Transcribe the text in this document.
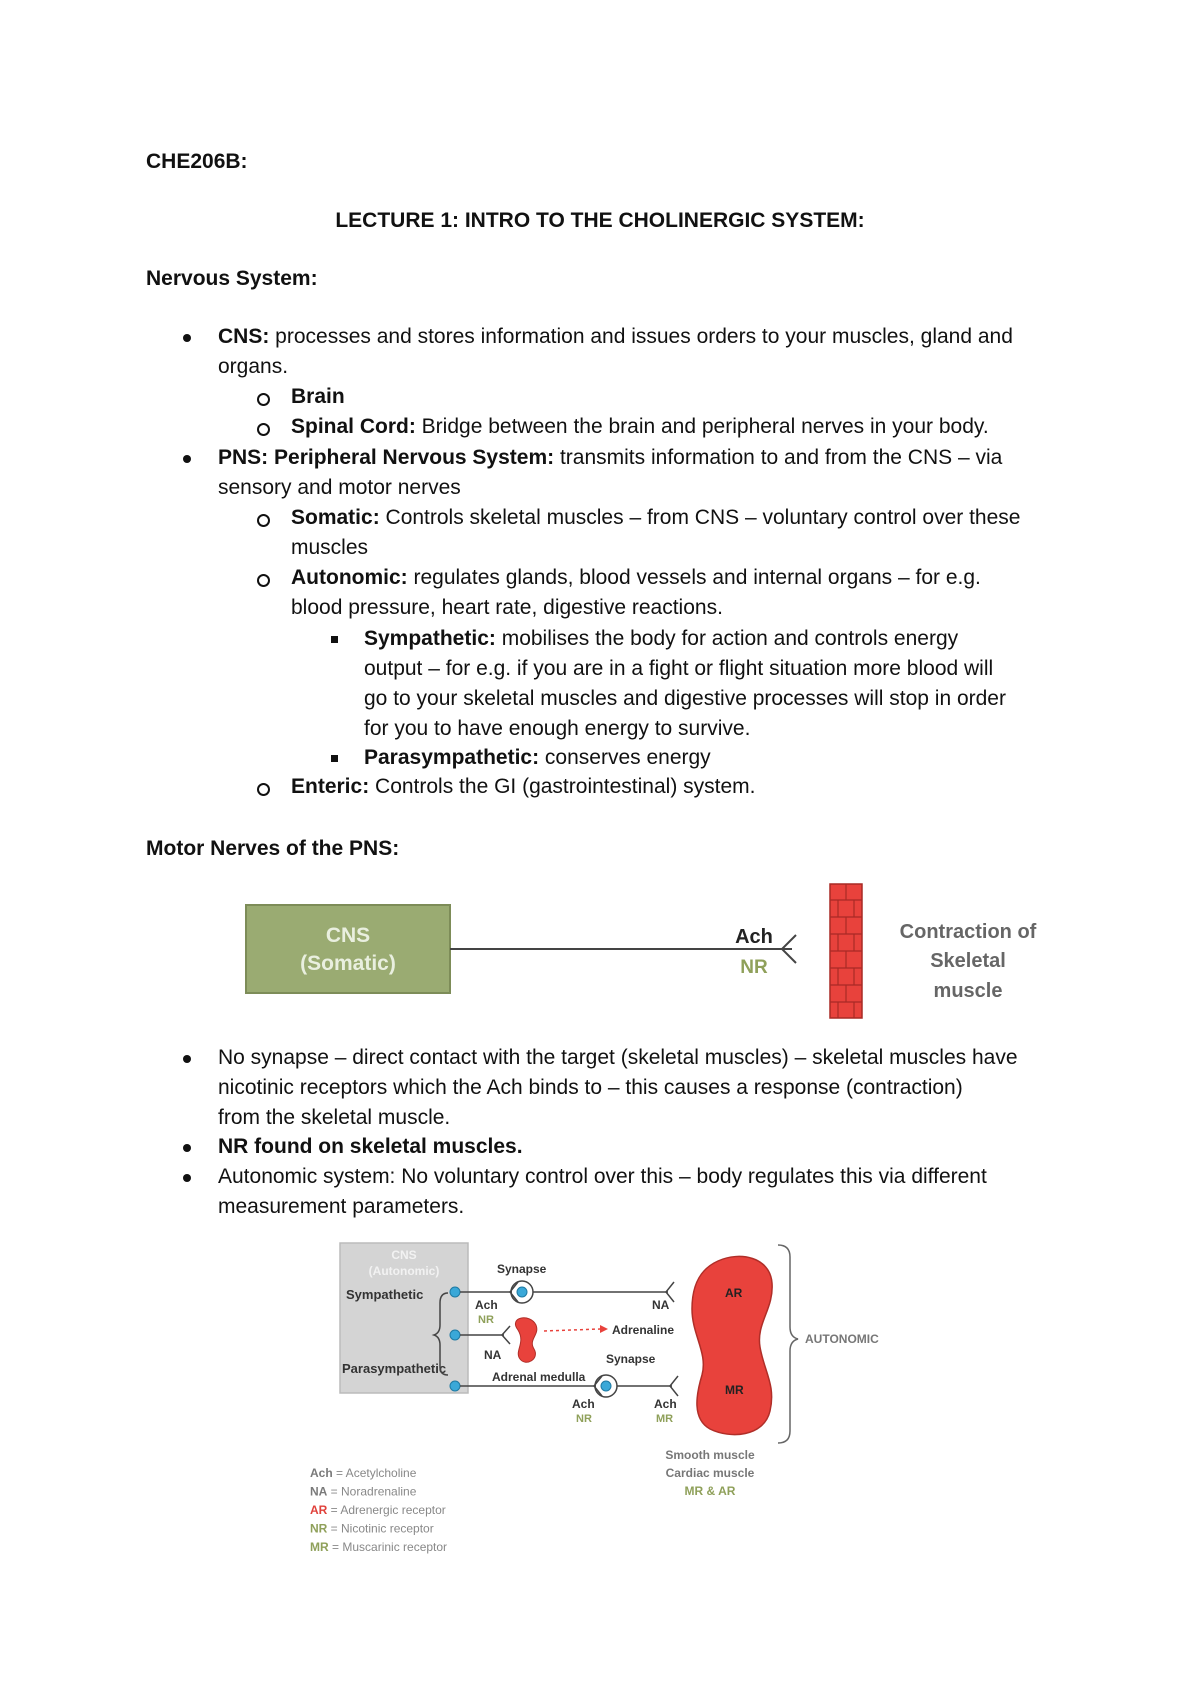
CHE206B:
LECTURE 1: INTRO TO THE CHOLINERGIC SYSTEM:
Nervous System:
CNS: processes and stores information and issues orders to your muscles, gland and
organs.
Brain
Spinal Cord: Bridge between the brain and peripheral nerves in your body.
PNS: Peripheral Nervous System: transmits information to and from the CNS – via
sensory and motor nerves
Somatic: Controls skeletal muscles – from CNS – voluntary control over these
muscles
Autonomic: regulates glands, blood vessels and internal organs – for e.g.
blood pressure, heart rate, digestive reactions.
Sympathetic: mobilises the body for action and controls energy
output – for e.g. if you are in a fight or flight situation more blood will
go to your skeletal muscles and digestive processes will stop in order
for you to have enough energy to survive.
Parasympathetic: conserves energy
Enteric: Controls the GI (gastrointestinal) system.
Motor Nerves of the PNS:
CNS
(Somatic)
Ach
NR
Contraction of
Skeletal
muscle
No synapse – direct contact with the target (skeletal muscles) – skeletal muscles have
nicotinic receptors which the Ach binds to – this causes a response (contraction)
from the skeletal muscle.
NR found on skeletal muscles.
Autonomic system: No voluntary control over this – body regulates this via different
measurement parameters.
CNS
(Autonomic)
Sympathetic
Parasympathetic
Synapse
Ach
NR
NA
Adrenaline
NA
Adrenal medulla
Synapse
Ach
NR
Ach
MR
AR
MR
AUTONOMIC
Smooth muscle
Cardiac muscle
MR & AR
Ach = Acetylcholine
NA = Noradrenaline
AR = Adrenergic receptor
NR = Nicotinic receptor
MR = Muscarinic receptor
